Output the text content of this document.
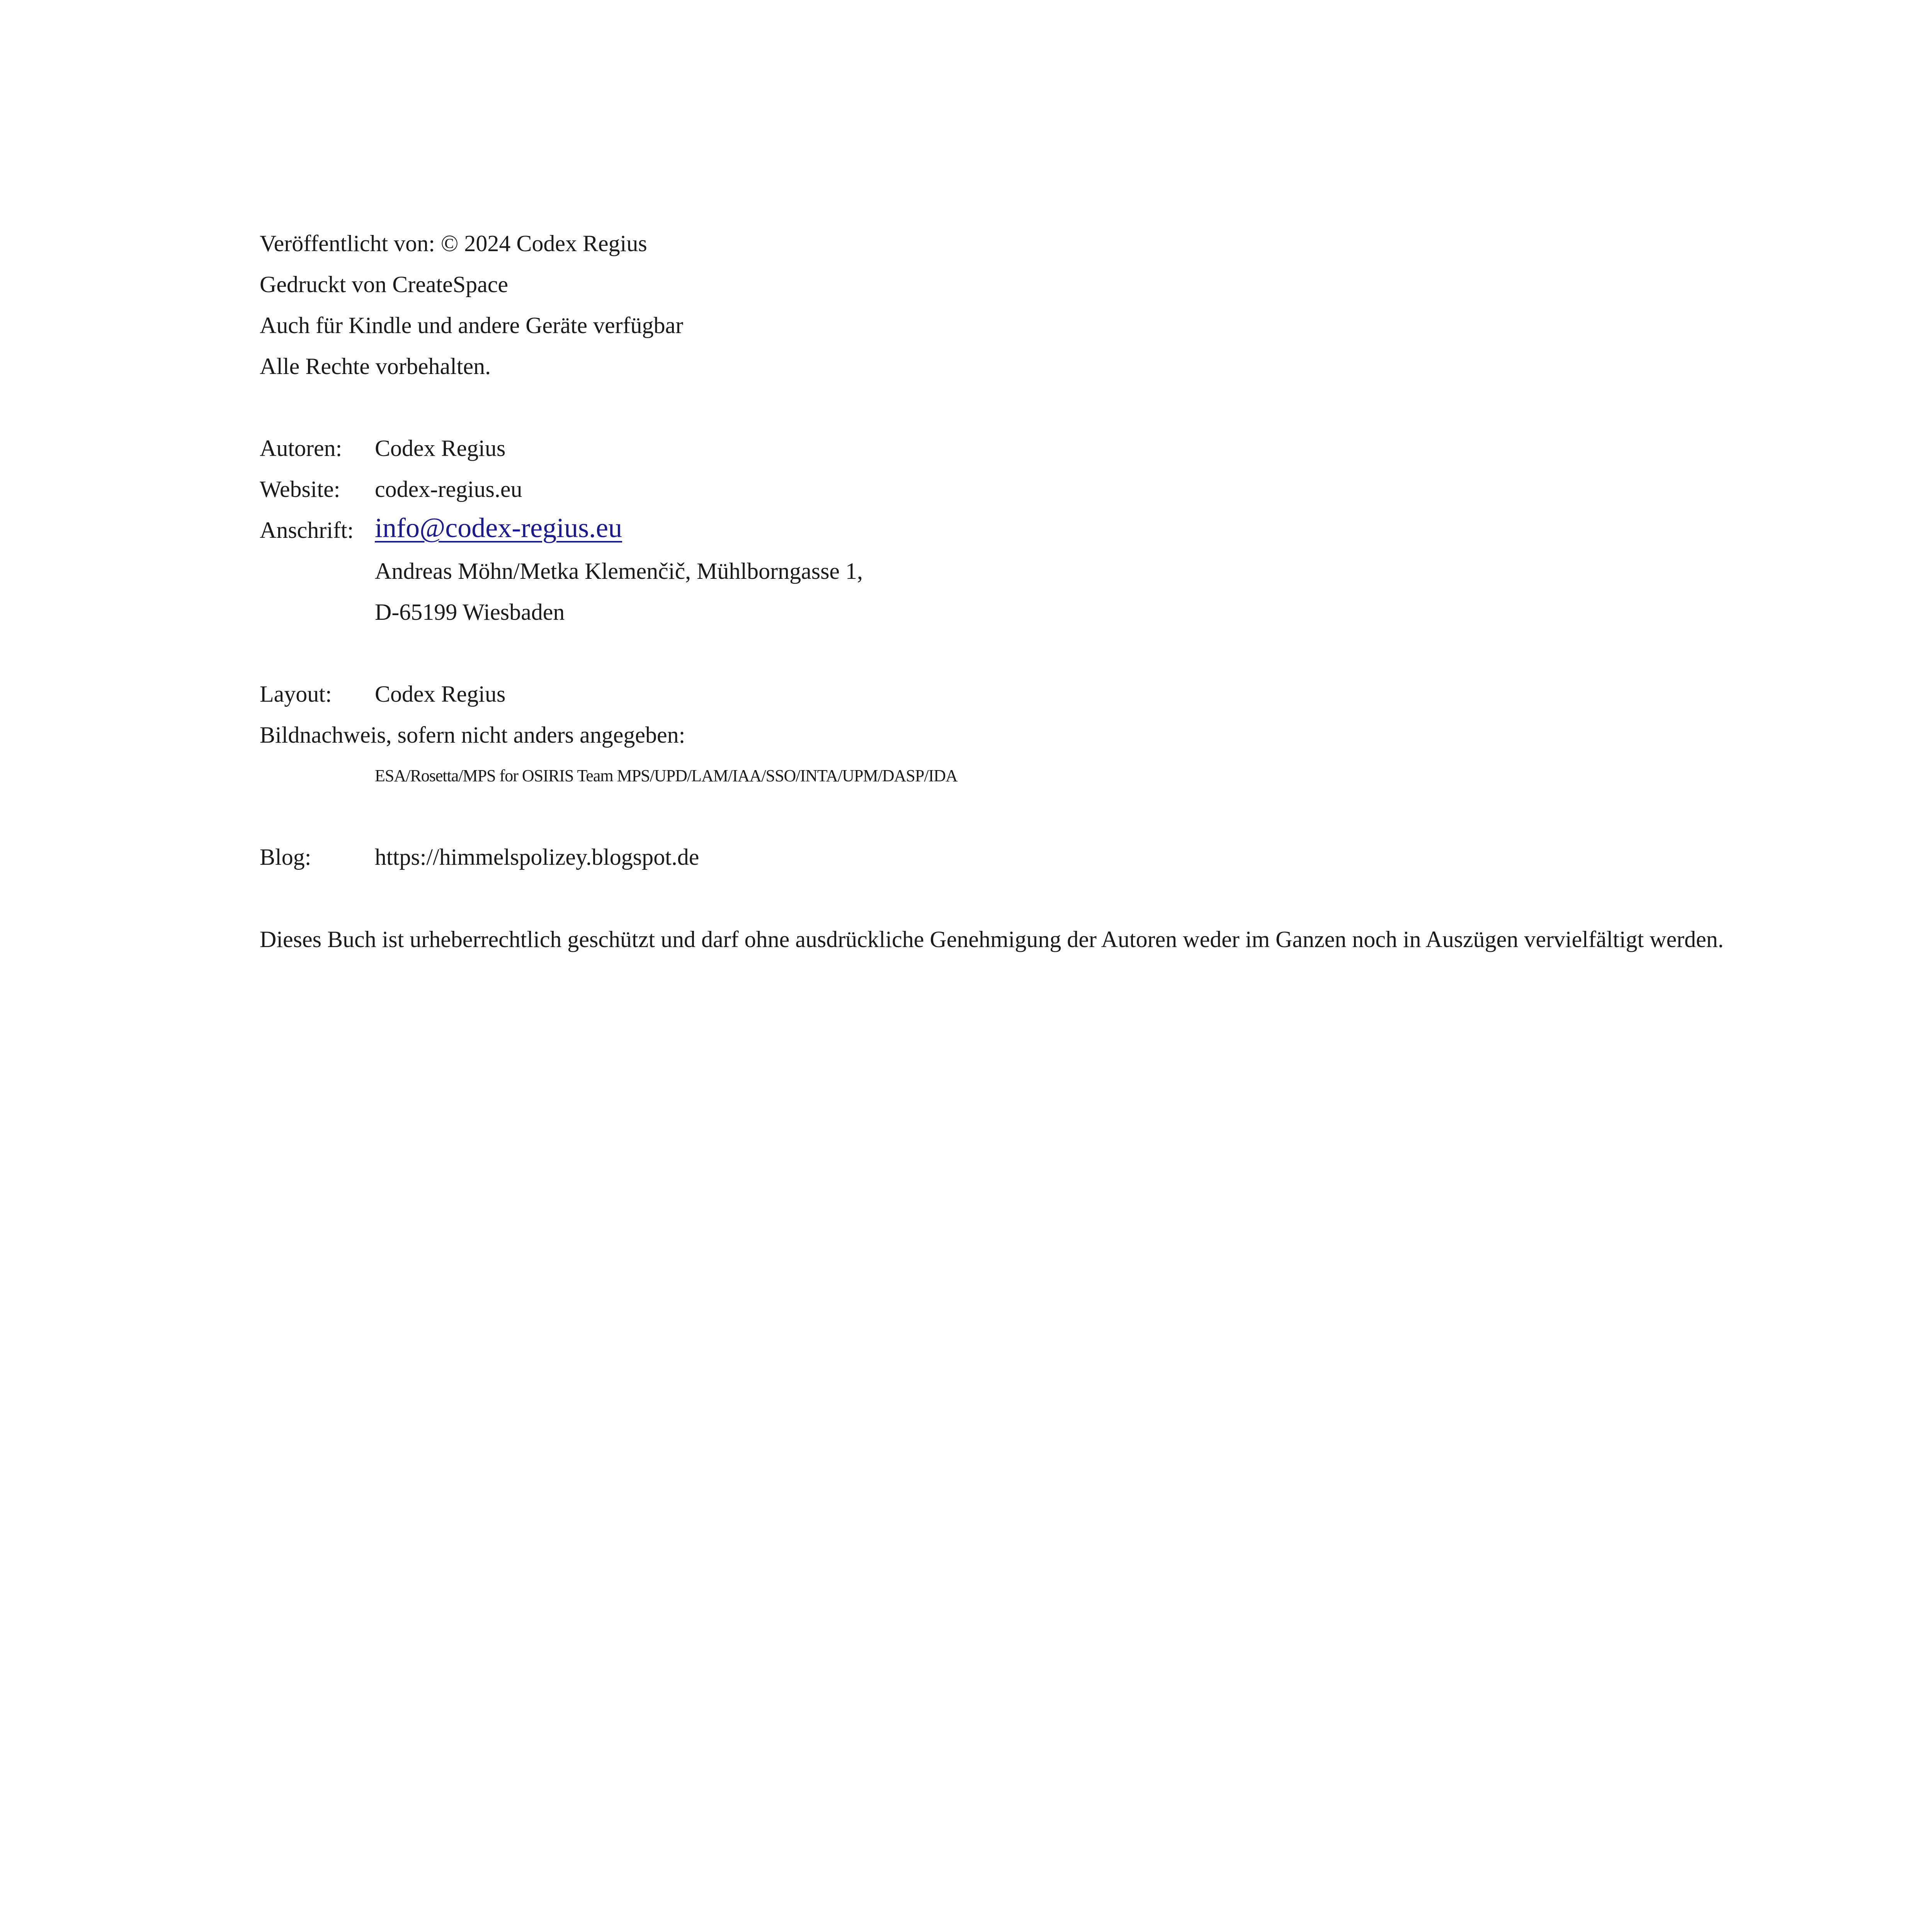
Veröffentlicht von: © 2024 Codex Regius
Gedruckt von CreateSpace
Auch für Kindle und andere Geräte verfügbar
Alle Rechte vorbehalten.
Autoren: Codex Regius
Website: codex-regius.eu
Anschrift: info@codex-regius.eu
Andreas Möhn/Metka Klemenčič, Mühlborngasse 1,
D-65199 Wiesbaden
Layout: Codex Regius
Bildnachweis, sofern nicht anders angegeben:
ESA/Rosetta/MPS for OSIRIS Team MPS/UPD/LAM/IAA/SSO/INTA/UPM/DASP/IDA
Blog:	https://himmelspolizey.blogspot.de
Dieses Buch ist urheberrechtlich geschützt und darf ohne ausdrückliche Genehmigung der Autoren weder im Ganzen noch in Auszügen vervielfältigt werden.
